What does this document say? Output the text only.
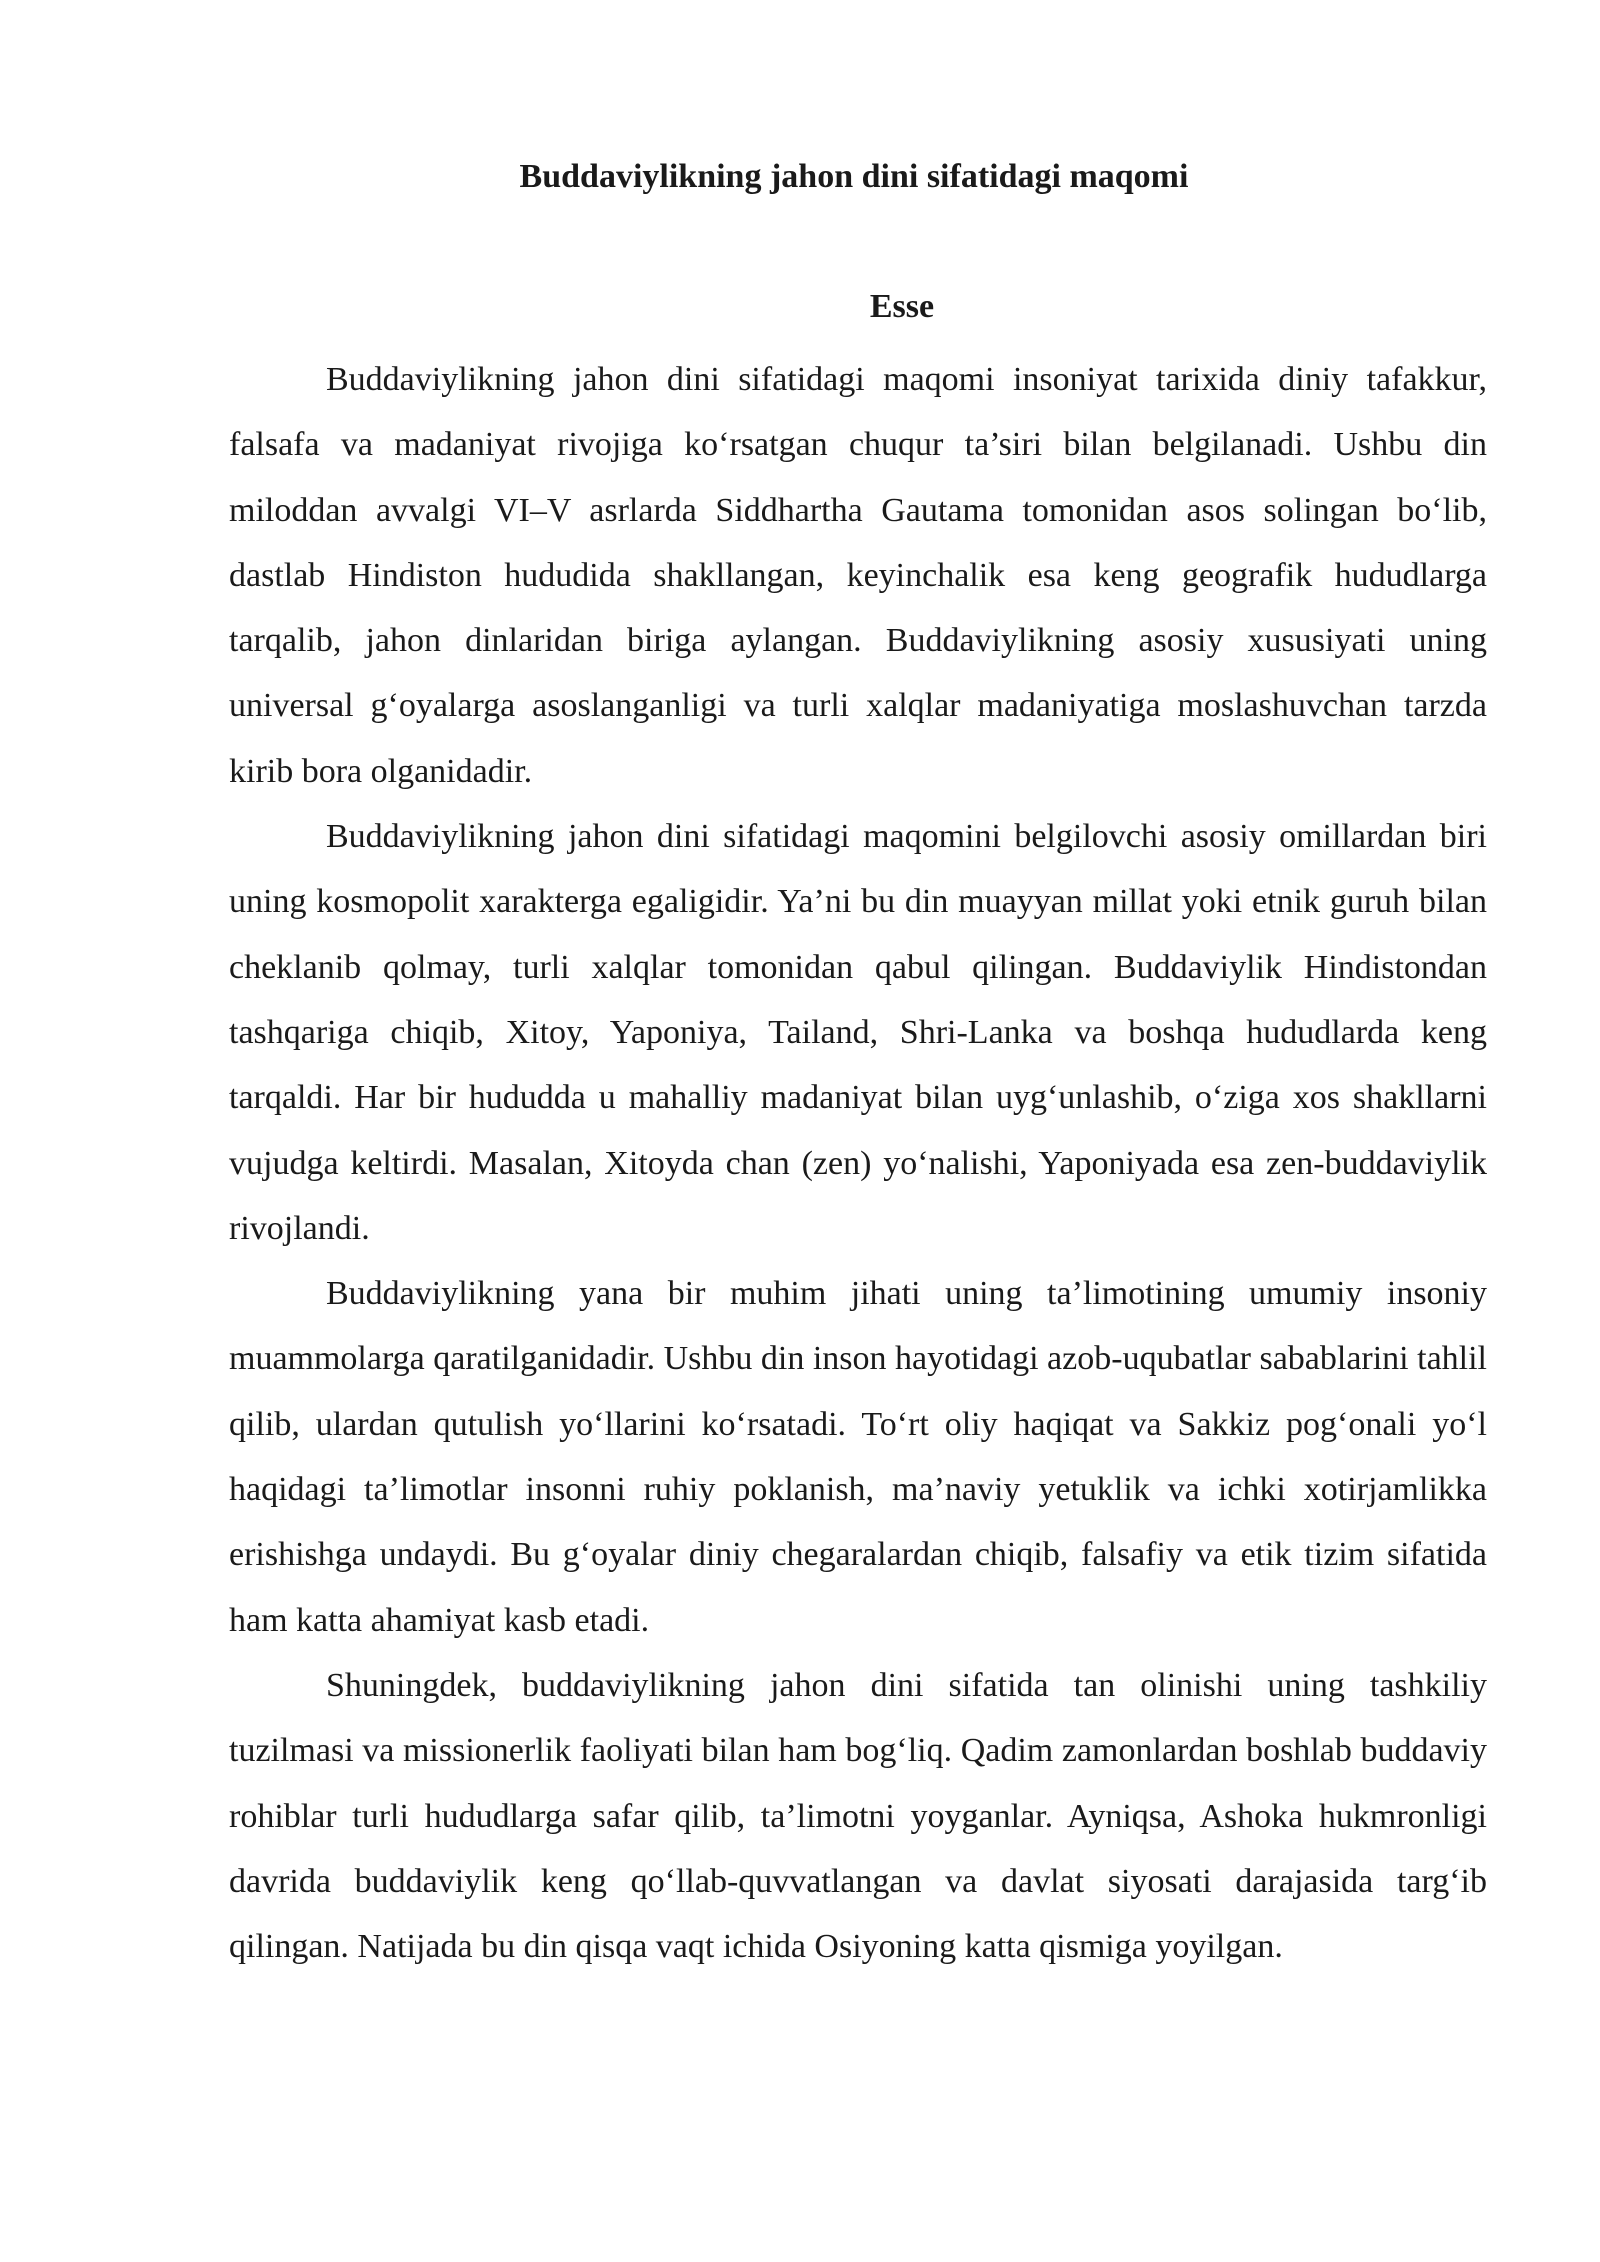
Buddaviylikning jahon dini sifatidagi maqomi
Esse

Buddaviylikning jahon dini sifatidagi maqomi insoniyat tarixida diniy tafakkur, falsafa va madaniyat rivojiga ko‘rsatgan chuqur ta’siri bilan belgilanadi. Ushbu din miloddan avvalgi VI–V asrlarda Siddhartha Gautama tomonidan asos solingan bo‘lib, dastlab Hindiston hududida shakllangan, keyinchalik esa keng geografik hududlarga tarqalib, jahon dinlaridan biriga aylangan. Buddaviylikning asosiy xususiyati uning universal g‘oyalarga asoslanganligi va turli xalqlar madaniyatiga moslashuvchan tarzda kirib bora olganidadir.

Buddaviylikning jahon dini sifatidagi maqomini belgilovchi asosiy omillardan biri uning kosmopolit xarakterga egaligidir. Ya’ni bu din muayyan millat yoki etnik guruh bilan cheklanib qolmay, turli xalqlar tomonidan qabul qilingan. Buddaviylik Hindistondan tashqariga chiqib, Xitoy, Yaponiya, Tailand, Shri-Lanka va boshqa hududlarda keng tarqaldi. Har bir hududda u mahalliy madaniyat bilan uyg‘unlashib, o‘ziga xos shakllarni vujudga keltirdi. Masalan, Xitoyda chan (zen) yo‘nalishi, Yaponiyada esa zen-buddaviylik rivojlandi.

Buddaviylikning yana bir muhim jihati uning ta’limotining umumiy insoniy muammolarga qaratilganidadir. Ushbu din inson hayotidagi azob-uqubatlar sabablarini tahlil qilib, ulardan qutulish yo‘llarini ko‘rsatadi. To‘rt oliy haqiqat va Sakkiz pog‘onali yo‘l haqidagi ta’limotlar insonni ruhiy poklanish, ma’naviy yetuklik va ichki xotirjamlikka erishishga undaydi. Bu g‘oyalar diniy chegaralardan chiqib, falsafiy va etik tizim sifatida ham katta ahamiyat kasb etadi.

Shuningdek, buddaviylikning jahon dini sifatida tan olinishi uning tashkiliy tuzilmasi va missionerlik faoliyati bilan ham bog‘liq. Qadim zamonlardan boshlab buddaviy rohiblar turli hududlarga safar qilib, ta’limotni yoyganlar. Ayniqsa, Ashoka hukmronligi davrida buddaviylik keng qo‘llab-quvvatlangan va davlat siyosati darajasida targ‘ib qilingan. Natijada bu din qisqa vaqt ichida Osiyoning katta qismiga yoyilgan.
